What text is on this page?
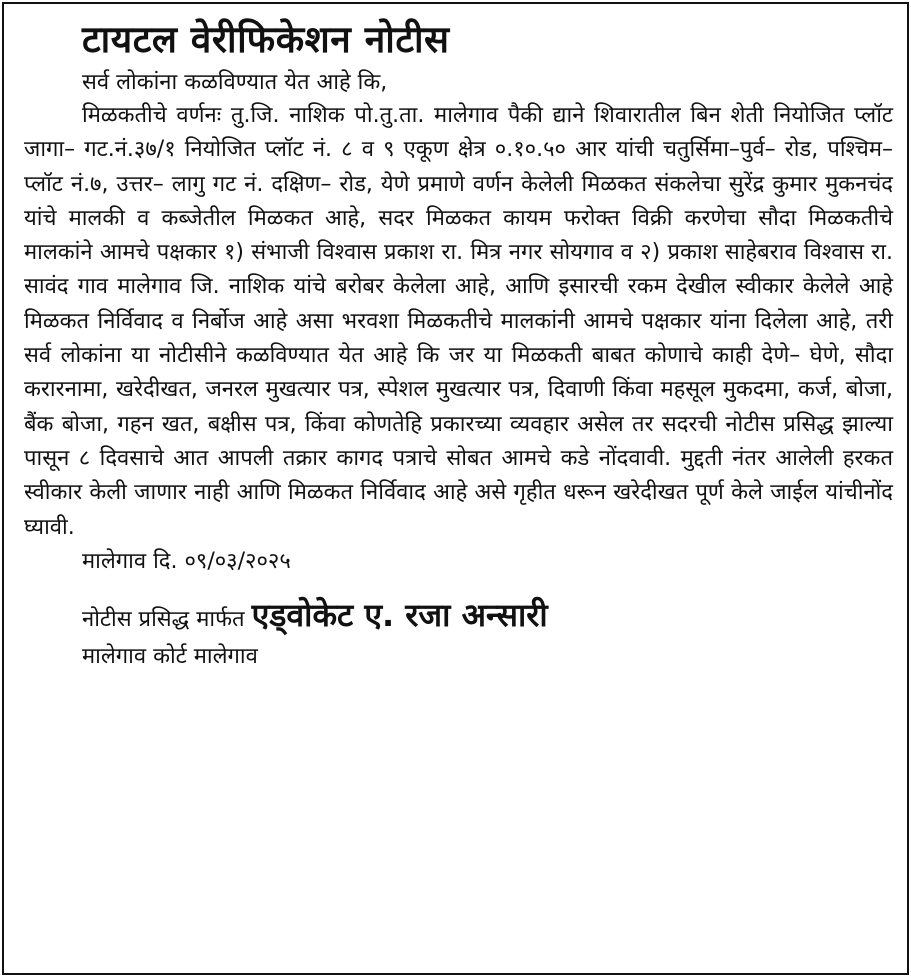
टायटल वेरीफिकेशन नोटीस
सर्व लोकांना कळविण्यात येत आहे कि,

मिळकतीचे वर्णनः तु.जि. नाशिक पो.तु.ता. मालेगाव पैकी द्याने शिवारातील बिन शेती नियोजित प्लॉट जागा– गट.नं.३७/१ नियोजित प्लॉट नं. ८ व ९ एकूण क्षेत्र ०.१०.५० आर यांची चतुर्सिमा–पुर्व– रोड, पश्चिम– प्लॉट नं.७, उत्तर– लागु गट नं. दक्षिण– रोड, येणे प्रमाणे वर्णन केलेली मिळकत संकलेचा सुरेंद्र कुमार मुकनचंद यांचे मालकी व कब्जेतील मिळकत आहे, सदर मिळकत कायम फरोक्त विक्री करणेचा सौदा मिळकतीचे मालकांने आमचे पक्षकार १) संभाजी विश्वास प्रकाश रा. मित्र नगर सोयगाव व २) प्रकाश साहेबराव विश्वास रा. सावंद गाव मालेगाव जि. नाशिक यांचे बरोबर केलेला आहे, आणि इसारची रकम देखील स्वीकार केलेले आहे मिळकत निर्विवाद व निर्बोज आहे असा भरवशा मिळकतीचे मालकांनी आमचे पक्षकार यांना दिलेला आहे, तरी सर्व लोकांना या नोटीसीने कळविण्यात येत आहे कि जर या मिळकती बाबत कोणाचे काही देणे– घेणे, सौदा करारनामा, खरेदीखत, जनरल मुखत्यार पत्र, स्पेशल मुखत्यार पत्र, दिवाणी किंवा महसूल मुकदमा, कर्ज, बोजा, बैंक बोजा, गहन खत, बक्षीस पत्र, किंवा कोणतेहि प्रकारच्या व्यवहार असेल तर सदरची नोटीस प्रसिद्ध झाल्या पासून ८ दिवसाचे आत आपली तक्रार कागद पत्राचे सोबत आमचे कडे नोंदवावी. मुद्दती नंतर आलेली हरकत स्वीकार केली जाणार नाही आणि मिळकत निर्विवाद आहे असे गृहीत धरून खरेदीखत पूर्ण केले जाईल यांचीनोंद घ्यावी.

मालेगाव दि. ०९/०३/२०२५
नोटीस प्रसिद्ध मार्फत एड्वोकेट ए. रजा अन्सारी
मालेगाव कोर्ट मालेगाव
